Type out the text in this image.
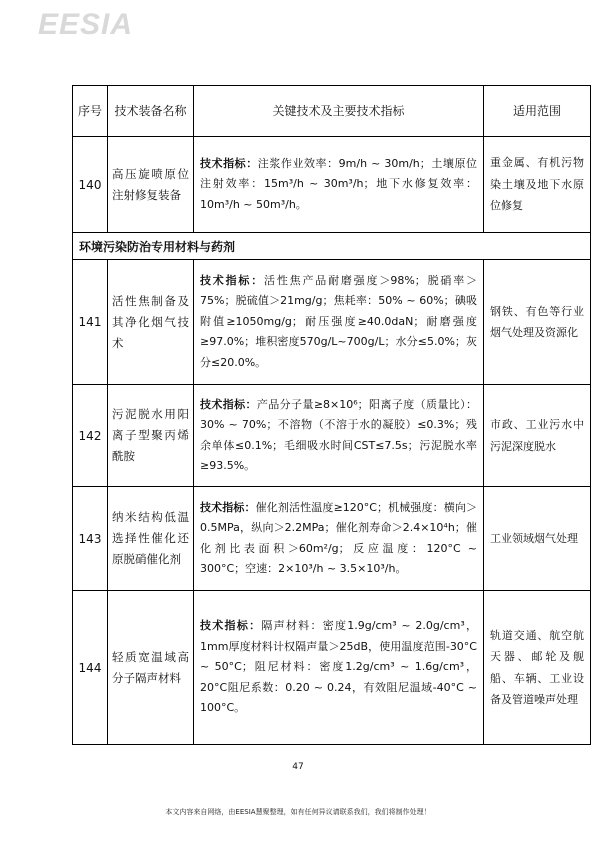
EESIA
序号	技术装备名称	关键技术及主要技术指标	适用范围
140	高压旋喷原位注射修复装备	技术指标：注浆作业效率：9m/h ~ 30m/h；土壤原位注射效率：15m³/h ~ 30m³/h；地下水修复效率：10m³/h ~ 50m³/h。	重金属、有机污物染土壤及地下水原位修复
环境污染防治专用材料与药剂			
141	活性焦制备及其净化烟气技术	技术指标：活性焦产品耐磨强度＞98%；脱硝率＞75%；脱硫值＞21mg/g；焦耗率：50% ~ 60%；碘吸附值≥1050mg/g；耐压强度≥40.0daN；耐磨强度≥97.0%；堆积密度570g/L~700g/L；水分≤5.0%；灰分≤20.0%。	钢铁、有色等行业烟气处理及资源化
142	污泥脱水用阳离子型聚丙烯酰胺	技术指标：产品分子量≥8×10⁶；阳离子度（质量比）：30% ~ 70%；不溶物（不溶于水的凝胶）≤0.3%；残余单体≤0.1%；毛细吸水时间CST≤7.5s；污泥脱水率≥93.5%。	市政、工业污水中污泥深度脱水
143	纳米结构低温选择性催化还原脱硝催化剂	技术指标：催化剂活性温度≥120°C；机械强度：横向＞0.5MPa，纵向＞2.2MPa；催化剂寿命＞2.4×10⁴h；催化剂比表面积＞60m²/g；反应温度：120°C ~ 300°C；空速：2×10³/h ~ 3.5×10³/h。	工业领域烟气处理
144	轻质宽温域高分子隔声材料	技术指标：隔声材料：密度1.9g/cm³ ~ 2.0g/cm³，1mm厚度材料计权隔声量＞25dB，使用温度范围-30°C ~ 50°C；阻尼材料：密度1.2g/cm³ ~ 1.6g/cm³，20°C阻尼系数：0.20 ~ 0.24，有效阻尼温域-40°C ~ 100°C。	轨道交通、航空航天器、邮轮及舰船、车辆、工业设备及管道噪声处理
47
本文内容来自网络，由EESIA慧聚整理，如有任何异议请联系我们，我们将制作处理！
